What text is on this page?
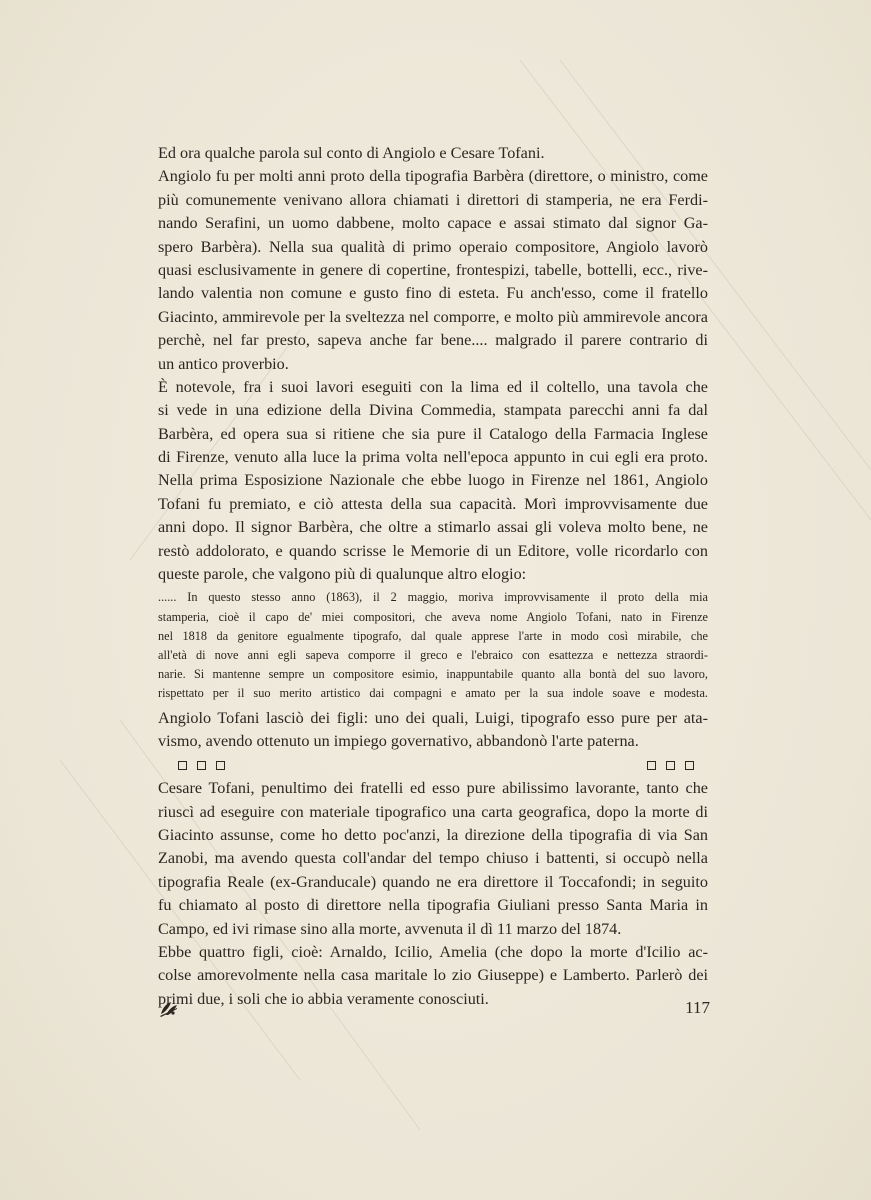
Ed ora qualche parola sul conto di Angiolo e Cesare Tofani.
Angiolo fu per molti anni proto della tipografia Barbèra (direttore, o ministro, come
più comunemente venivano allora chiamati i direttori di stamperia, ne era Ferdi-
nando Serafini, un uomo dabbene, molto capace e assai stimato dal signor Ga-
spero Barbèra). Nella sua qualità di primo operaio compositore, Angiolo lavorò
quasi esclusivamente in genere di copertine, frontespizi, tabelle, bottelli, ecc., rive-
lando valentia non comune e gusto fino di esteta. Fu anch'esso, come il fratello
Giacinto, ammirevole per la sveltezza nel comporre, e molto più ammirevole ancora
perchè, nel far presto, sapeva anche far bene.... malgrado il parere contrario di
un antico proverbio.
È notevole, fra i suoi lavori eseguiti con la lima ed il coltello, una tavola che
si vede in una edizione della Divina Commedia, stampata parecchi anni fa dal
Barbèra, ed opera sua si ritiene che sia pure il Catalogo della Farmacia Inglese
di Firenze, venuto alla luce la prima volta nell'epoca appunto in cui egli era proto.
Nella prima Esposizione Nazionale che ebbe luogo in Firenze nel 1861, Angiolo
Tofani fu premiato, e ciò attesta della sua capacità. Morì improvvisamente due
anni dopo. Il signor Barbèra, che oltre a stimarlo assai gli voleva molto bene, ne
restò addolorato, e quando scrisse le Memorie di un Editore, volle ricordarlo con
queste parole, che valgono più di qualunque altro elogio:
...... In questo stesso anno (1863), il 2 maggio, moriva improvvisamente il proto della mia
stamperia, cioè il capo de' miei compositori, che aveva nome Angiolo Tofani, nato in Firenze
nel 1818 da genitore egualmente tipografo, dal quale apprese l'arte in modo così mirabile, che
all'età di nove anni egli sapeva comporre il greco e l'ebraico con esattezza e nettezza straordi-
narie. Si mantenne sempre un compositore esimio, inappuntabile quanto alla bontà del suo lavoro,
rispettato per il suo merito artistico dai compagni e amato per la sua indole soave e modesta.
Angiolo Tofani lasciò dei figli: uno dei quali, Luigi, tipografo esso pure per ata-
vismo, avendo ottenuto un impiego governativo, abbandonò l'arte paterna.
Cesare Tofani, penultimo dei fratelli ed esso pure abilissimo lavorante, tanto che
riuscì ad eseguire con materiale tipografico una carta geografica, dopo la morte di
Giacinto assunse, come ho detto poc'anzi, la direzione della tipografia di via San
Zanobi, ma avendo questa coll'andar del tempo chiuso i battenti, si occupò nella
tipografia Reale (ex-Granducale) quando ne era direttore il Toccafondi; in seguito
fu chiamato al posto di direttore nella tipografia Giuliani presso Santa Maria in
Campo, ed ivi rimase sino alla morte, avvenuta il dì 11 marzo del 1874.
Ebbe quattro figli, cioè: Arnaldo, Icilio, Amelia (che dopo la morte d'Icilio ac-
colse amorevolmente nella casa maritale lo zio Giuseppe) e Lamberto. Parlerò dei
primi due, i soli che io abbia veramente conosciuti.	117
